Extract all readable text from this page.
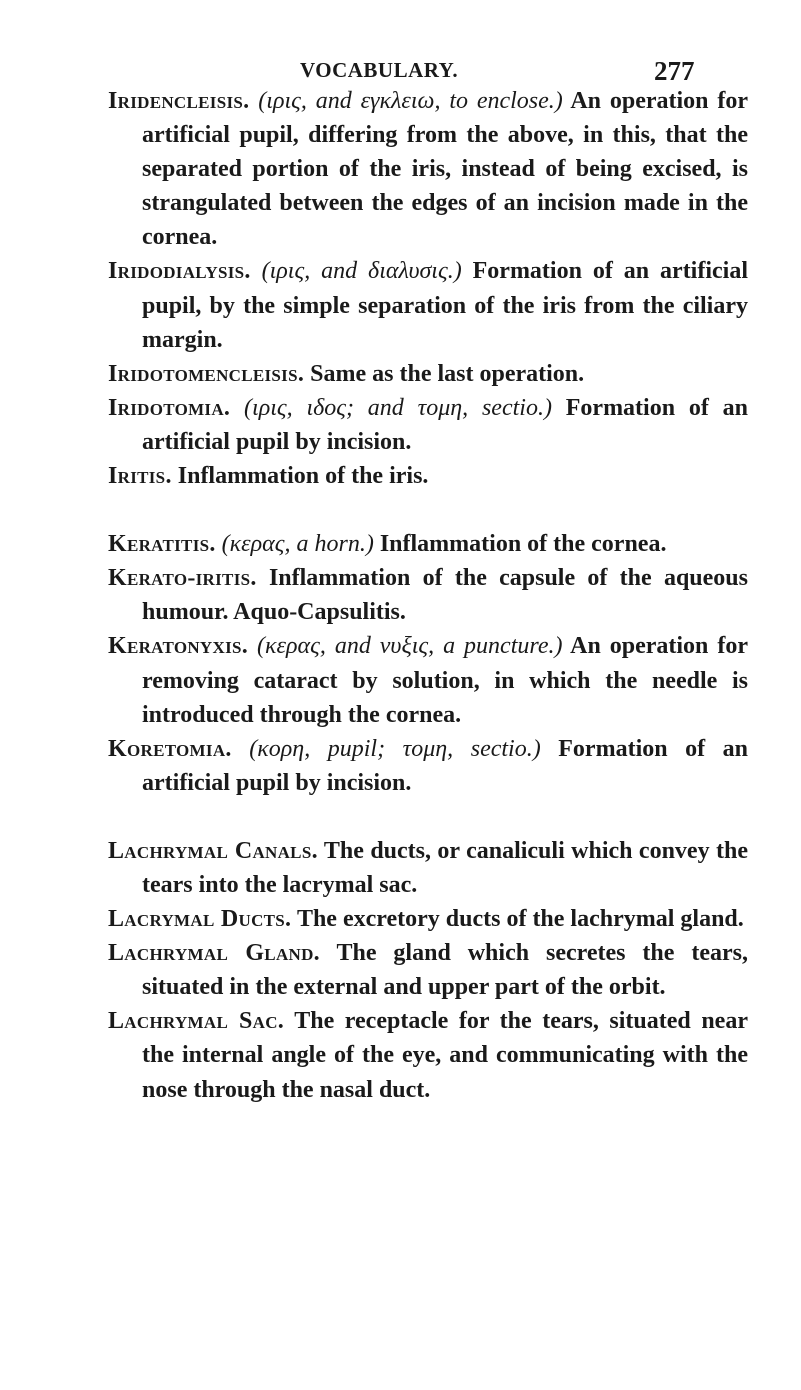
VOCABULARY.	277

Iridencleisis. (ιρις, and εγκλειω, to enclose.) An operation for artificial pupil, differing from the above, in this, that the separated portion of the iris, instead of being excised, is strangulated between the edges of an incision made in the cornea.

Iridodialysis. (ιρις, and διαλυσις.) Formation of an artificial pupil, by the simple separation of the iris from the ciliary margin.

Iridotomencleisis. Same as the last operation.

Iridotomia. (ιρις, ιδος; and τομη, sectio.) Formation of an artificial pupil by incision.

Iritis. Inflammation of the iris.

Keratitis. (κερας, a horn.) Inflammation of the cornea.

Kerato-iritis. Inflammation of the capsule of the aqueous humour. Aquo-Capsulitis.

Keratonyxis. (κερας, and νυξις, a puncture.) An operation for removing cataract by solution, in which the needle is introduced through the cornea.

Koretomia. (κορη, pupil; τομη, sectio.) Formation of an artificial pupil by incision.

Lachrymal Canals. The ducts, or canaliculi which convey the tears into the lacrymal sac.

Lacrymal Ducts. The excretory ducts of the lachrymal gland.

Lachrymal Gland. The gland which secretes the tears, situated in the external and upper part of the orbit.

Lachrymal Sac. The receptacle for the tears, situated near the internal angle of the eye, and communicating with the nose through the nasal duct.
